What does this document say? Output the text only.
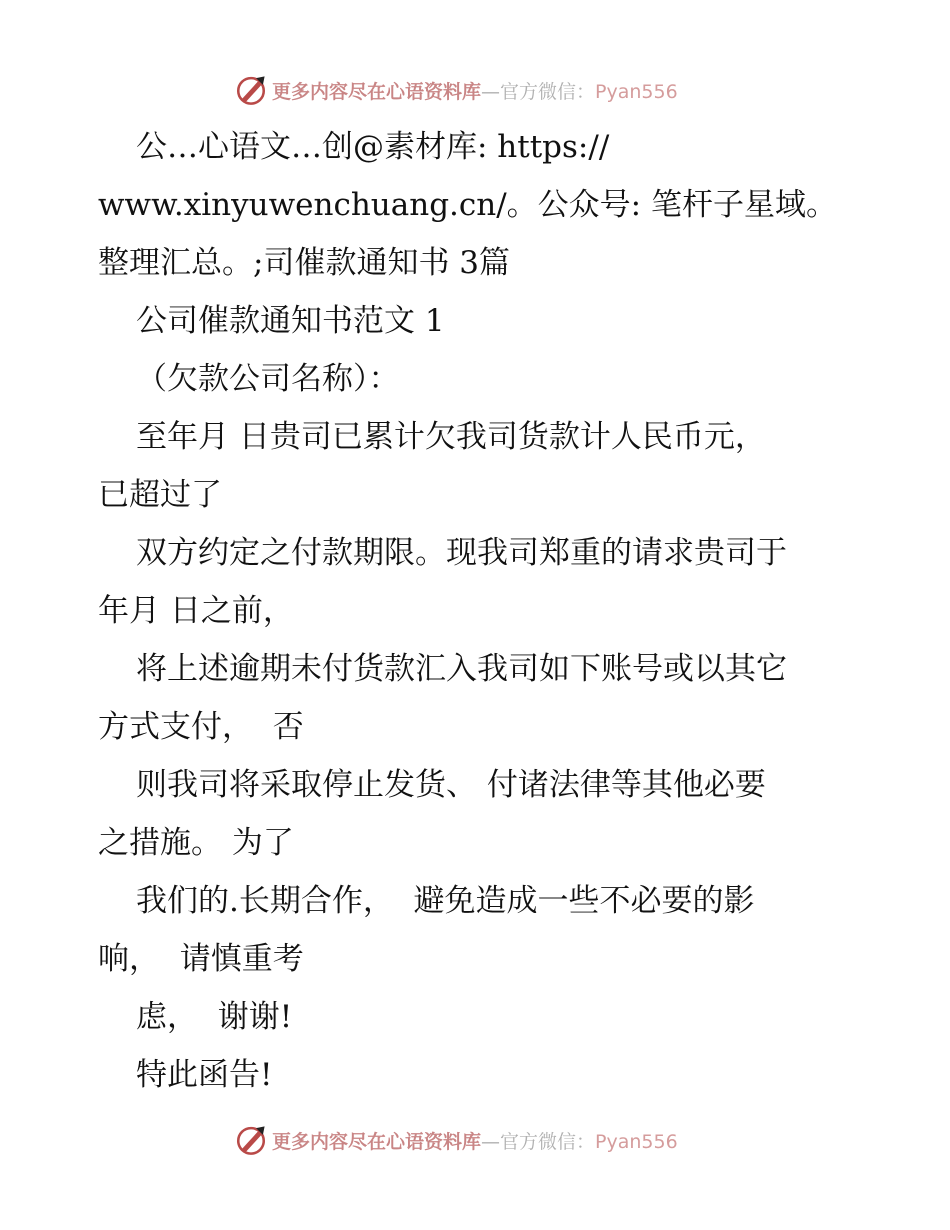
更多内容尽在心语资料库—官方微信：Pyan556
公…心语文…创@素材库: https://
www.xinyuwenchuang.cn/。公众号: 笔杆子星域。
整理汇总。;司催款通知书 3篇
公司催款通知书范文 1
（欠款公司名称）：
至年月 日贵司已累计欠我司货款计人民币元，
已超过了
双方约定之付款期限。现我司郑重的请求贵司于
年月 日之前，
将上述逾期未付货款汇入我司如下账号或以其它
方式支付，  否
则我司将采取停止发货、 付诸法律等其他必要
之措施。 为了
我们的.长期合作，  避免造成一些不必要的影
响，  请慎重考
虑，  谢谢!
特此函告!
更多内容尽在心语资料库—官方微信：Pyan556
